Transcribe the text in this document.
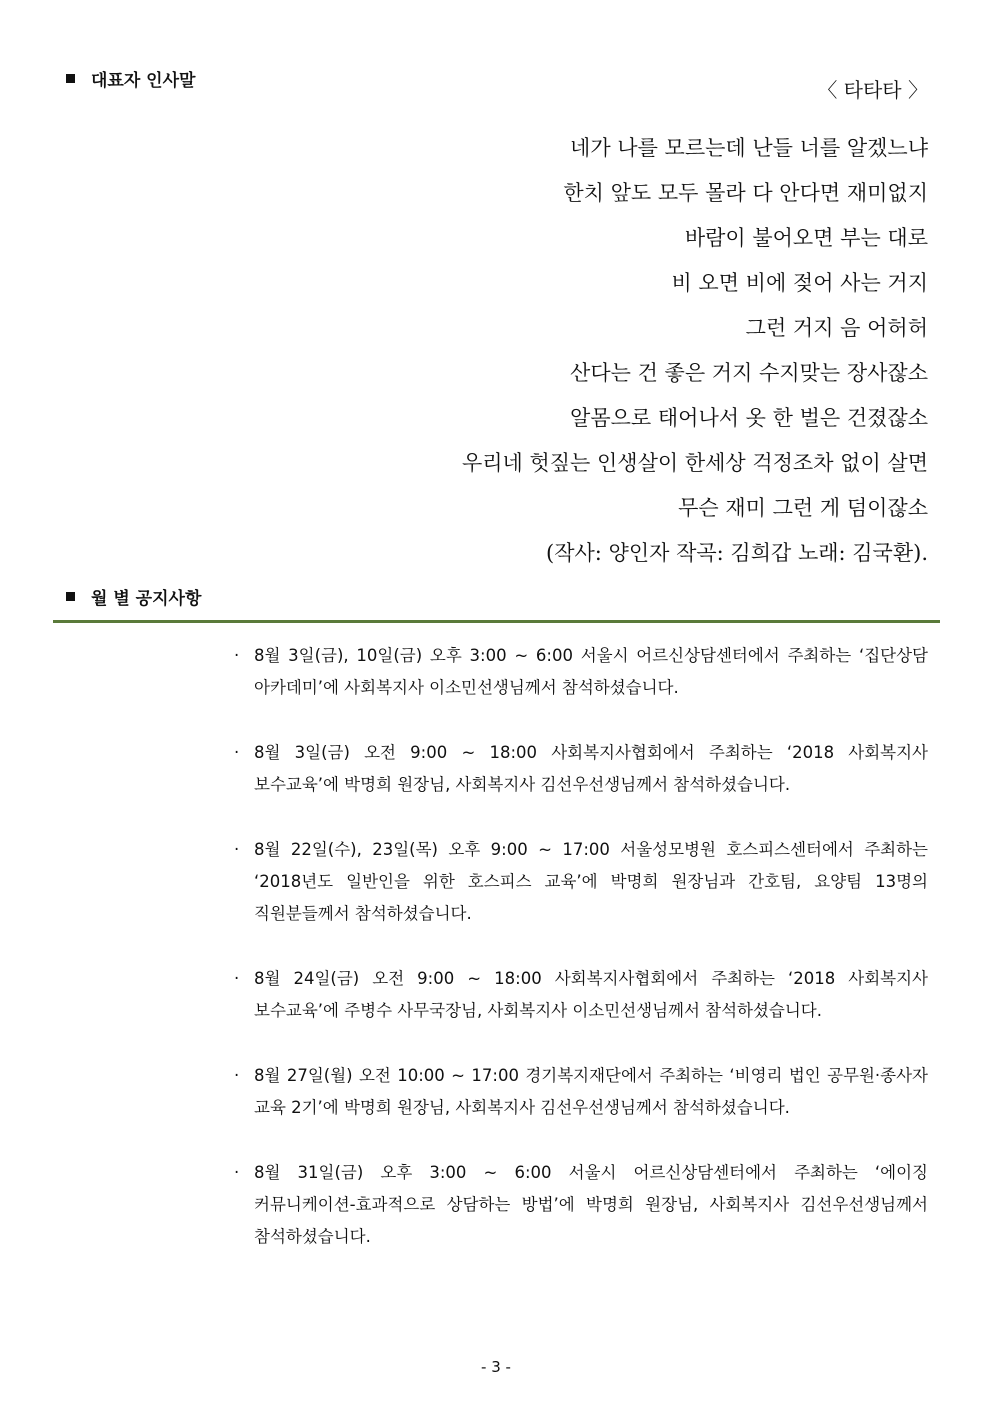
대표자 인사말	〈 타타타 〉
네가 나를 모르는데 난들 너를 알겠느냐
한치 앞도 모두 몰라 다 안다면 재미없지
바람이 불어오면 부는 대로
비 오면 비에 젖어 사는 거지
그런 거지 음 어허허
산다는 건 좋은 거지 수지맞는 장사잖소
알몸으로 태어나서 옷 한 벌은 건졌잖소
우리네 헛짚는 인생살이 한세상 걱정조차 없이 살면
무슨 재미 그런 게 덤이잖소
(작사: 양인자 작곡: 김희갑 노래: 김국환).
월 별 공지사항
· 8월 3일(금), 10일(금) 오후 3:00 ~ 6:00 서울시 어르신상담센터에서 주최하는 ‘집단상담 아카데미’에 사회복지사 이소민선생님께서 참석하셨습니다.
· 8월 3일(금) 오전 9:00 ~ 18:00 사회복지사협회에서 주최하는 ‘2018 사회복지사 보수교육’에 박명희 원장님, 사회복지사 김선우선생님께서 참석하셨습니다.
· 8월 22일(수), 23일(목) 오후 9:00 ~ 17:00 서울성모병원 호스피스센터에서 주최하는 ‘2018년도 일반인을 위한 호스피스 교육’에 박명희 원장님과 간호팀, 요양팀 13명의 직원분들께서 참석하셨습니다.
· 8월 24일(금) 오전 9:00 ~ 18:00 사회복지사협회에서 주최하는 ‘2018 사회복지사 보수교육’에 주병수 사무국장님, 사회복지사 이소민선생님께서 참석하셨습니다.
· 8월 27일(월) 오전 10:00 ~ 17:00 경기복지재단에서 주최하는 ‘비영리 법인 공무원·종사자 교육 2기’에 박명희 원장님, 사회복지사 김선우선생님께서 참석하셨습니다.
· 8월 31일(금) 오후 3:00 ~ 6:00 서울시 어르신상담센터에서 주최하는 ‘에이징 커뮤니케이션-효과적으로 상담하는 방법’에 박명희 원장님, 사회복지사 김선우선생님께서 참석하셨습니다.
- 3 -
